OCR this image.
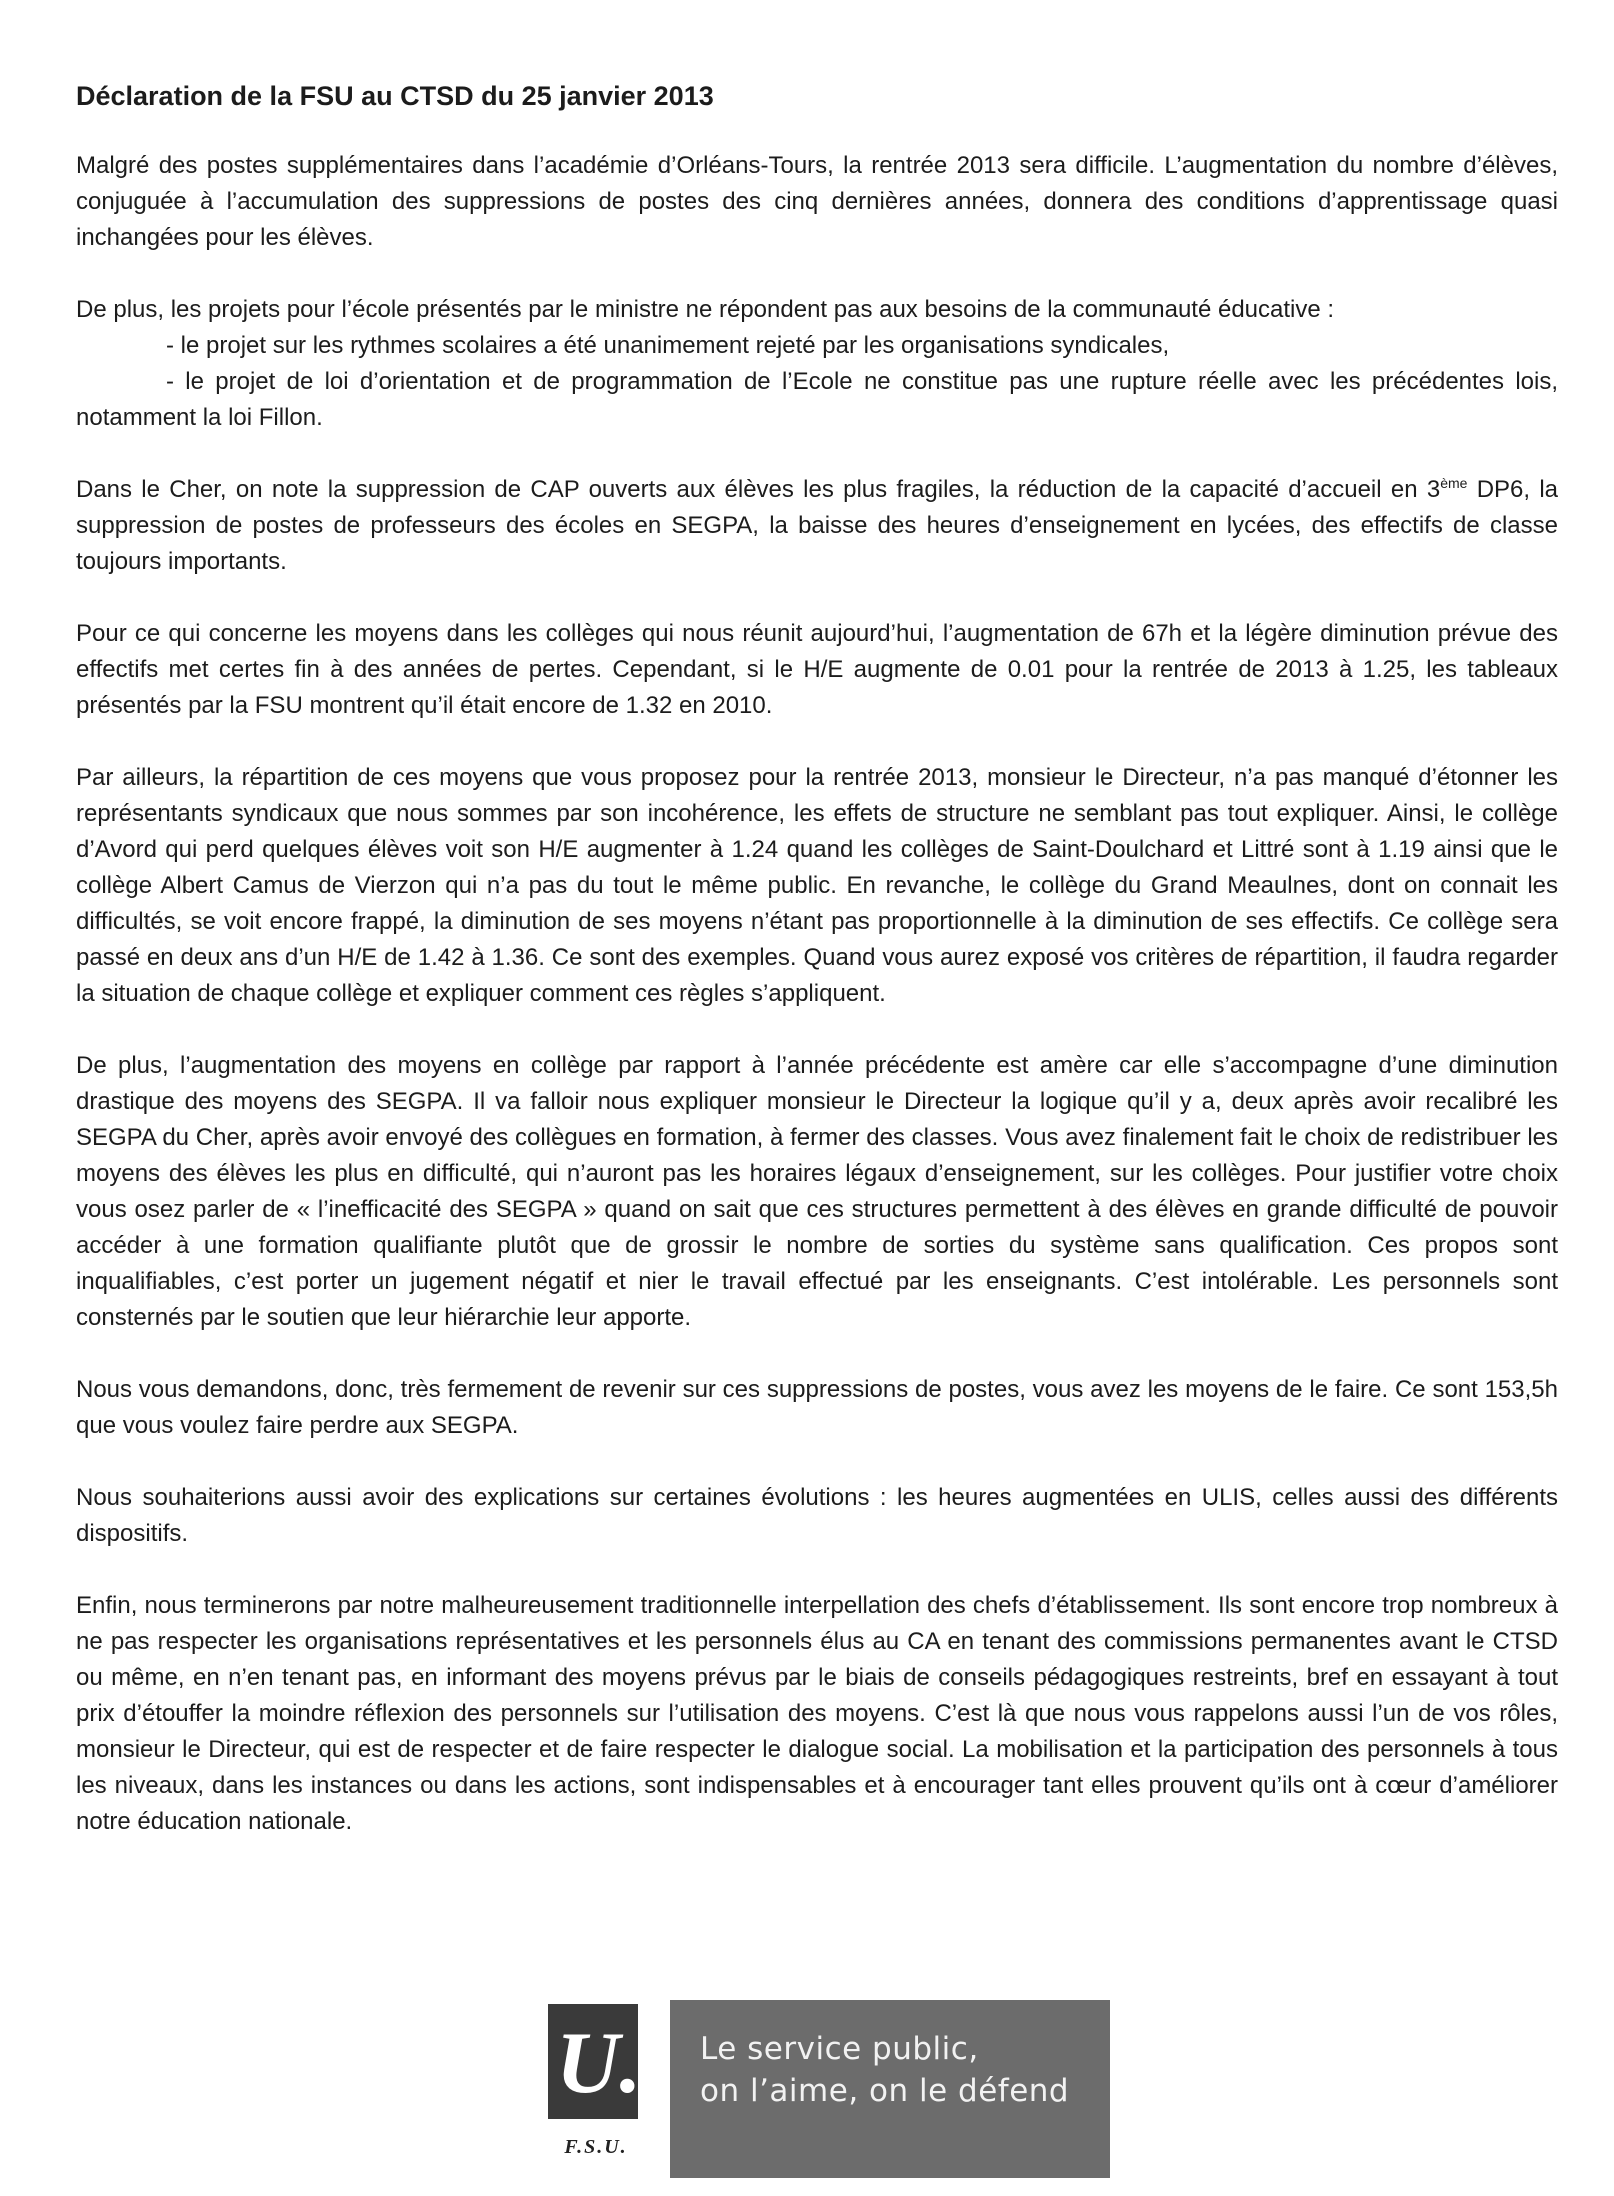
Déclaration de la FSU au CTSD du 25 janvier 2013

Malgré des postes supplémentaires dans l’académie d’Orléans-Tours, la rentrée 2013 sera difficile. L’augmentation du nombre d’élèves, conjuguée à l’accumulation des suppressions de postes des cinq dernières années, donnera des conditions d’apprentissage quasi inchangées pour les élèves.

De plus, les projets pour l’école présentés par le ministre ne répondent pas aux besoins de la communauté éducative :

- le projet sur les rythmes scolaires a été unanimement rejeté par les organisations syndicales,

- le projet de loi d’orientation et de programmation de l’Ecole ne constitue pas une rupture réelle avec les précédentes lois, notamment la loi Fillon.

Dans le Cher, on note la suppression de CAP ouverts aux élèves les plus fragiles, la réduction de la capacité d’accueil en 3ème DP6, la suppression de postes de professeurs des écoles en SEGPA, la baisse des heures d’enseignement en lycées, des effectifs de classe toujours importants.

Pour ce qui concerne les moyens dans les collèges qui nous réunit aujourd’hui, l’augmentation de 67h et la légère diminution prévue des effectifs met certes fin à des années de pertes. Cependant, si le H/E augmente de 0.01 pour la rentrée de 2013 à 1.25, les tableaux présentés par la FSU montrent qu’il était encore de 1.32 en 2010.

Par ailleurs, la répartition de ces moyens que vous proposez pour la rentrée 2013, monsieur le Directeur, n’a pas manqué d’étonner les représentants syndicaux que nous sommes par son incohérence, les effets de structure ne semblant pas tout expliquer. Ainsi, le collège d’Avord qui perd quelques élèves voit son H/E augmenter à 1.24 quand les collèges de Saint-Doulchard et Littré sont à 1.19 ainsi que le collège Albert Camus de Vierzon qui n’a pas du tout le même public. En revanche, le collège du Grand Meaulnes, dont on connait les difficultés, se voit encore frappé, la diminution de ses moyens n’étant pas proportionnelle à la diminution de ses effectifs. Ce collège sera passé en deux ans d’un H/E de 1.42 à 1.36. Ce sont des exemples. Quand vous aurez exposé vos critères de répartition, il faudra regarder la situation de chaque collège et expliquer comment ces règles s’appliquent.

De plus, l’augmentation des moyens en collège par rapport à l’année précédente est amère car elle s’accompagne d’une diminution drastique des moyens des SEGPA. Il va falloir nous expliquer monsieur le Directeur la logique qu’il y a, deux après avoir recalibré les SEGPA du Cher, après avoir envoyé des collègues en formation, à fermer des classes. Vous avez finalement fait le choix de redistribuer les moyens des élèves les plus en difficulté, qui n’auront pas les horaires légaux d’enseignement, sur les collèges. Pour justifier votre choix vous osez parler de « l’inefficacité des SEGPA » quand on sait que ces structures permettent à des élèves en grande difficulté de pouvoir accéder à une formation qualifiante plutôt que de grossir le nombre de sorties du système sans qualification. Ces propos sont inqualifiables, c’est porter un jugement négatif et nier le travail effectué par les enseignants. C’est intolérable. Les personnels sont consternés par le soutien que leur hiérarchie leur apporte.

Nous vous demandons, donc, très fermement de revenir sur ces suppressions de postes, vous avez les moyens de le faire. Ce sont 153,5h que vous voulez faire perdre aux SEGPA.

Nous souhaiterions aussi avoir des explications sur certaines évolutions : les heures augmentées en ULIS, celles aussi des différents dispositifs.

Enfin, nous terminerons par notre malheureusement traditionnelle interpellation des chefs d’établissement. Ils sont encore trop nombreux à ne pas respecter les organisations représentatives et les personnels élus au CA en tenant des commissions permanentes avant le CTSD ou même, en n’en tenant pas, en informant des moyens prévus par le biais de conseils pédagogiques restreints, bref en essayant à tout prix d’étouffer la moindre réflexion des personnels sur l’utilisation des moyens. C’est là que nous vous rappelons aussi l’un de vos rôles, monsieur le Directeur, qui est de respecter et de faire respecter le dialogue social. La mobilisation et la participation des personnels à tous les niveaux, dans les instances ou dans les actions, sont indispensables et à encourager tant elles prouvent qu’ils ont à cœur d’améliorer notre éducation nationale.

U.
F.S.U.
Le service public,
on l’aime, on le défend
